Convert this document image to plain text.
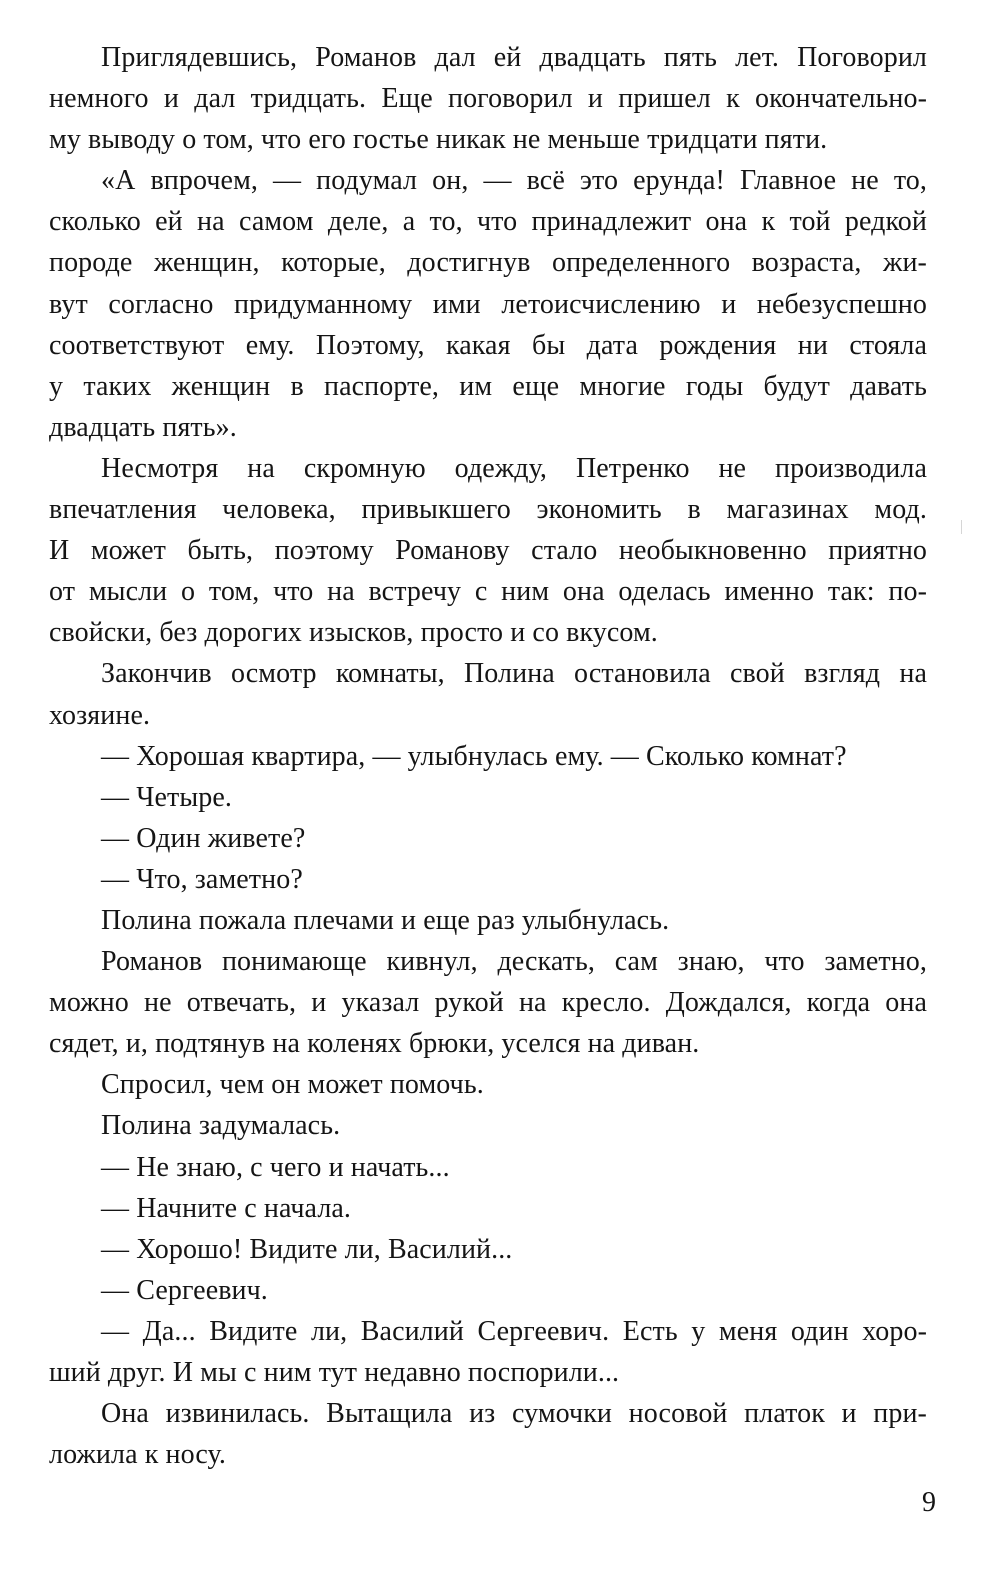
Приглядевшись, Романов дал ей двадцать пять лет. Поговорил
немного и дал тридцать. Еще поговорил и пришел к окончательно-
му выводу о том, что его гостье никак не меньше тридцати пяти.
«А впрочем, — подумал он, — всё это ерунда! Главное не то,
сколько ей на самом деле, а то, что принадлежит она к той редкой
породе женщин, которые, достигнув определенного возраста, жи-
вут согласно придуманному ими летоисчислению и небезуспешно
соответствуют ему. Поэтому, какая бы дата рождения ни стояла
у таких женщин в паспорте, им еще многие годы будут давать
двадцать пять».
Несмотря на скромную одежду, Петренко не производила
впечатления человека, привыкшего экономить в магазинах мод.
И может быть, поэтому Романову стало необыкновенно приятно
от мысли о том, что на встречу с ним она оделась именно так: по-
свойски, без дорогих изысков, просто и со вкусом.
Закончив осмотр комнаты, Полина остановила свой взгляд на
хозяине.
— Хорошая квартира, — улыбнулась ему. — Сколько комнат?
— Четыре.
— Один живете?
— Что, заметно?
Полина пожала плечами и еще раз улыбнулась.
Романов понимающе кивнул, дескать, сам знаю, что заметно,
можно не отвечать, и указал рукой на кресло. Дождался, когда она
сядет, и, подтянув на коленях брюки, уселся на диван.
Спросил, чем он может помочь.
Полина задумалась.
— Не знаю, с чего и начать...
— Начните с начала.
— Хорошо! Видите ли, Василий...
— Сергеевич.
— Да... Видите ли, Василий Сергеевич. Есть у меня один хоро-
ший друг. И мы с ним тут недавно поспорили...
Она извинилась. Вытащила из сумочки носовой платок и при-
ложила к носу.
9
